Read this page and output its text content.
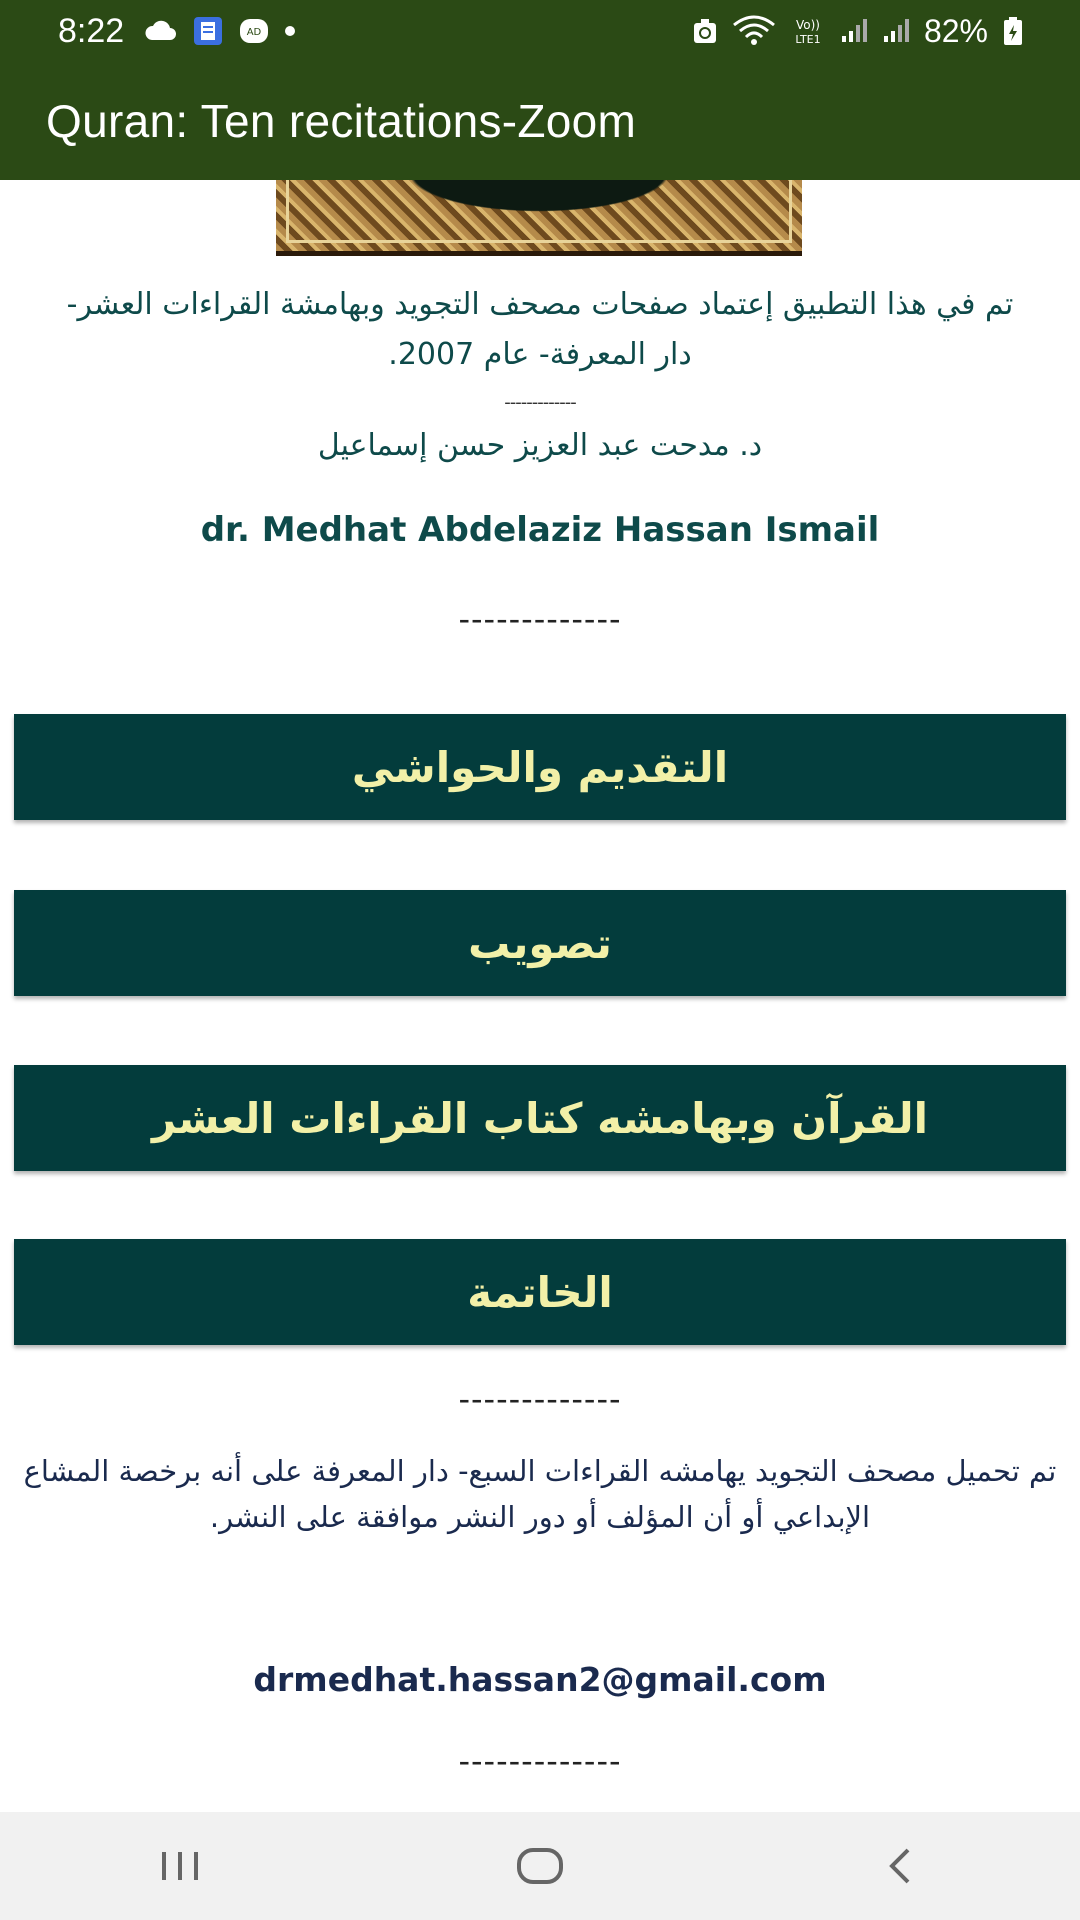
8:22	AD
Vo))
LTE1	82%
Quran: Ten recitations-Zoom
تم في هذا التطبيق إعتماد صفحات مصحف التجويد وبهامشة القراءات العشر- دار المعرفة- عام 2007.
-------------
د. مدحت عبد العزيز حسن إسماعيل
dr. Medhat Abdelaziz Hassan Ismail
-------------
التقديم والحواشي
تصويب
القرآن وبهامشه كتاب القراءات العشر
الخاتمة
-------------
تم تحميل مصحف التجويد يهامشه القراءات السبع- دار المعرفة على أنه برخصة المشاع الإبداعي أو أن المؤلف أو دور النشر موافقة على النشر.
drmedhat.hassan2@gmail.com
-------------
